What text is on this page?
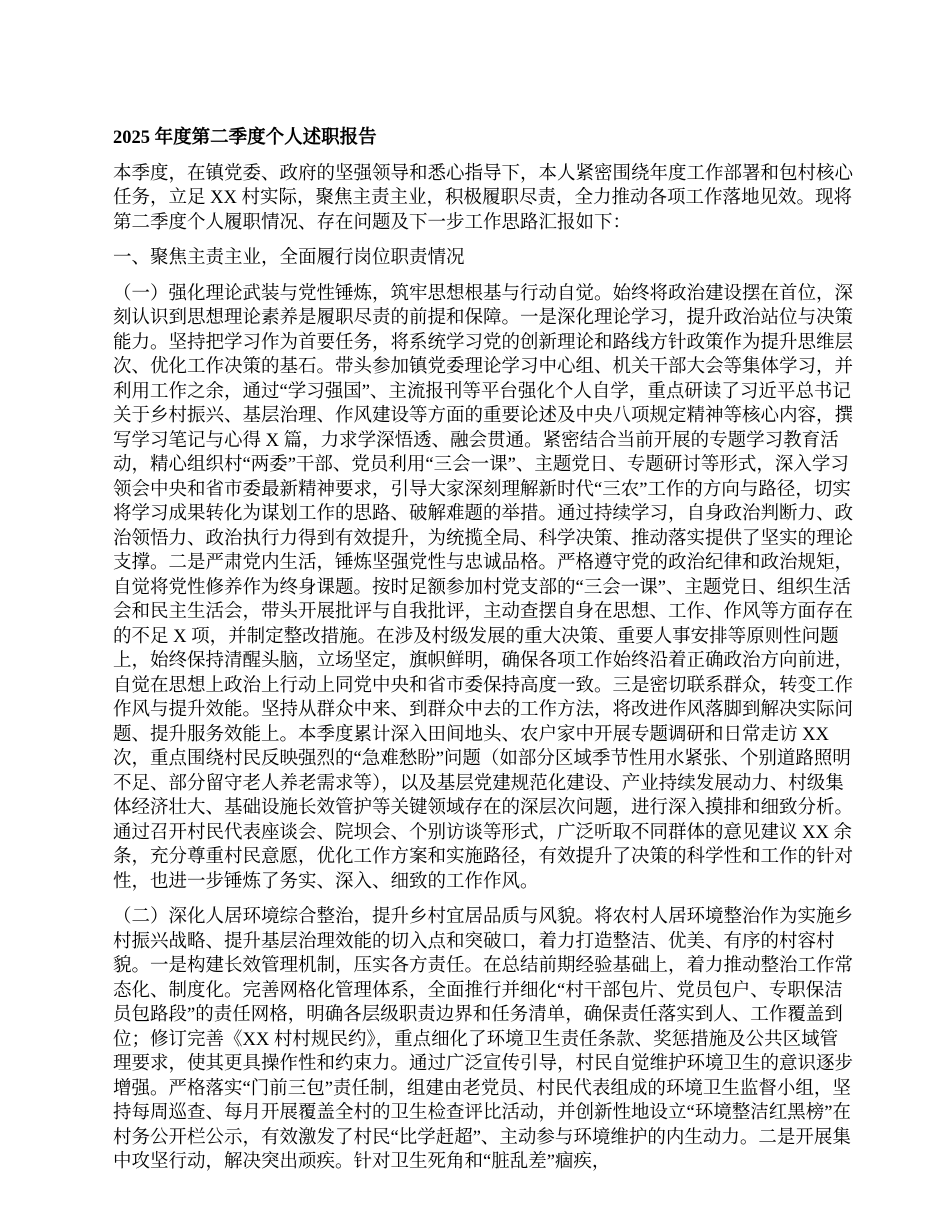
2025 年度第二季度个人述职报告

本季度，在镇党委、政府的坚强领导和悉心指导下，本人紧密围绕年度工作部署和包村核心任务，立足 XX 村实际，聚焦主责主业，积极履职尽责，全力推动各项工作落地见效。现将第二季度个人履职情况、存在问题及下一步工作思路汇报如下：

一、聚焦主责主业，全面履行岗位职责情况

（一）强化理论武装与党性锤炼，筑牢思想根基与行动自觉。始终将政治建设摆在首位，深刻认识到思想理论素养是履职尽责的前提和保障。一是深化理论学习，提升政治站位与决策能力。坚持把学习作为首要任务，将系统学习党的创新理论和路线方针政策作为提升思维层次、优化工作决策的基石。带头参加镇党委理论学习中心组、机关干部大会等集体学习，并利用工作之余，通过“学习强国”、主流报刊等平台强化个人自学，重点研读了习近平总书记关于乡村振兴、基层治理、作风建设等方面的重要论述及中央八项规定精神等核心内容，撰写学习笔记与心得 X 篇，力求学深悟透、融会贯通。紧密结合当前开展的专题学习教育活动，精心组织村“两委”干部、党员利用“三会一课”、主题党日、专题研讨等形式，深入学习领会中央和省市委最新精神要求，引导大家深刻理解新时代“三农”工作的方向与路径，切实将学习成果转化为谋划工作的思路、破解难题的举措。通过持续学习，自身政治判断力、政治领悟力、政治执行力得到有效提升，为统揽全局、科学决策、推动落实提供了坚实的理论支撑。二是严肃党内生活，锤炼坚强党性与忠诚品格。严格遵守党的政治纪律和政治规矩，自觉将党性修养作为终身课题。按时足额参加村党支部的“三会一课”、主题党日、组织生活会和民主生活会，带头开展批评与自我批评，主动查摆自身在思想、工作、作风等方面存在的不足 X 项，并制定整改措施。在涉及村级发展的重大决策、重要人事安排等原则性问题上，始终保持清醒头脑，立场坚定，旗帜鲜明，确保各项工作始终沿着正确政治方向前进，自觉在思想上政治上行动上同党中央和省市委保持高度一致。三是密切联系群众，转变工作作风与提升效能。坚持从群众中来、到群众中去的工作方法，将改进作风落脚到解决实际问题、提升服务效能上。本季度累计深入田间地头、农户家中开展专题调研和日常走访 XX 次，重点围绕村民反映强烈的“急难愁盼”问题（如部分区域季节性用水紧张、个别道路照明不足、部分留守老人养老需求等），以及基层党建规范化建设、产业持续发展动力、村级集体经济壮大、基础设施长效管护等关键领域存在的深层次问题，进行深入摸排和细致分析。通过召开村民代表座谈会、院坝会、个别访谈等形式，广泛听取不同群体的意见建议 XX 余条，充分尊重村民意愿，优化工作方案和实施路径，有效提升了决策的科学性和工作的针对性，也进一步锤炼了务实、深入、细致的工作作风。

（二）深化人居环境综合整治，提升乡村宜居品质与风貌。将农村人居环境整治作为实施乡村振兴战略、提升基层治理效能的切入点和突破口，着力打造整洁、优美、有序的村容村貌。一是构建长效管理机制，压实各方责任。在总结前期经验基础上，着力推动整治工作常态化、制度化。完善网格化管理体系，全面推行并细化“村干部包片、党员包户、专职保洁员包路段”的责任网格，明确各层级职责边界和任务清单，确保责任落实到人、工作覆盖到位；修订完善《XX 村村规民约》，重点细化了环境卫生责任条款、奖惩措施及公共区域管理要求，使其更具操作性和约束力。通过广泛宣传引导，村民自觉维护环境卫生的意识逐步增强。严格落实“门前三包”责任制，组建由老党员、村民代表组成的环境卫生监督小组，坚持每周巡查、每月开展覆盖全村的卫生检查评比活动，并创新性地设立“环境整洁红黑榜”在村务公开栏公示，有效激发了村民“比学赶超”、主动参与环境维护的内生动力。二是开展集中攻坚行动，解决突出顽疾。针对卫生死角和“脏乱差”痼疾，
